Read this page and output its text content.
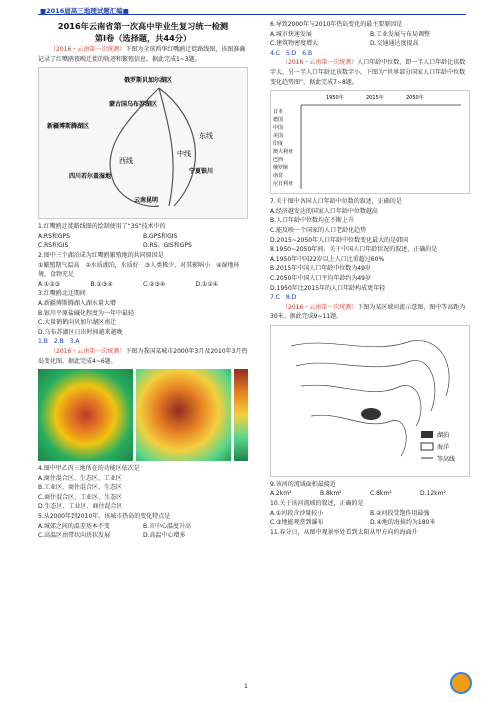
■2016届高三地理试题汇编■

2016年云南省第一次高中毕业生复习统一检测

第Ⅰ卷（选择题，共44分）

（2016・云南第一次统测）下图为全球西华红嘴鸥迁徙路线图，该图准确记录了红嘴鸥夜晚迁徙的轨迹和繁殖信息。据此完成1~3题。

俄罗斯贝加尔湖区
蒙古国乌布苏湖区
新疆博斯腾湖区
东线
中线
西线
宁夏银川
四川若尔盖湿地
云南昆明

1.红嘴鸥迁徙路线图的绘制使用了“3S”技术中的

A.RS和GPS	B.GPS和GIS
C.RS和GIS	D.RS、GIS和GPS

2.图中三个湖泊成为红嘴鸥繁殖地的共同原因是

①繁殖期气温高　②水质湖泊，水质好　③人类稀少，对其影响小　④湿地环境，食物充足

A.①②③	B.①③④	C.②③④	D.①②④

3.红嘴鸥北迁期间

A.新疆博斯腾湖入湖水量大增

B.银川平原盐碱化程度为一年中最轻

C.大量鹤鹤向贝加尔湖区南迁

D.乌布苏湖区日出时间越来越晚

1.B　2.B　3.A

（2016・云南第一次统测）下图为我国某城市2000年3月及2010年3月热岛变化图。据此完成4~6题。

4.图中甲乙丙三地所在的功能区依次是

A.商住混合区、生态区、工业区

B.工业区、商住混合区、生态区

C.商住混合区、工业区、生态区

D.生态区、工业区、商住混合区

5.从2000年到2010年，该城市热岛的变化特点是

A.城郊之间的温差基本不变	B.市中心温度升高
C.高温区由带状向块状发展	D.高温中心增多

6.导致2000年与2010年热岛变化的最主要原因是

A.城市快速发展	B.工业发展与布局调整
C.建筑物密度增大	D.交通通达度提高

4.C　5.D　6.B

（2016・云南第一次统测）人口年龄中位数，即一半人口年龄比该数字大，另一半人口年龄比该数字小。下图为“世界部分国家人口年龄中位数变化趋势图”，据此完成7~8题。

1950年	2015年	2050年
日本
德国
中国
美国
印度
澳大利亚
巴西
俄罗斯
南非
尼日利亚

7.关于图中各国人口年龄中位数的叙述，正确的是

A.经济越发达的国家人口年龄中位数越高

B.人口年龄中位数均在不断上升

C.能反映一个国家的人口老龄化趋势

D.2015~2050年人口年龄中位数变化最大的是韩国

8.1950~2050年间，关于中国人口年龄状况的叙述，正确的是

A.1950年中国22岁以上人口比重超过60%

B.2015年中国人口年龄中位数为49岁

C.2050年中国人口平均年龄约为49岁

D.1950年比2015年的人口年龄构成更年轻

7.C　8.D

（2016・云南第一次统测）下图为某区域河流示意图，图中等高距为30米。据此完成9~11题。

湖泊
海洋
等高线

9.该河的流域面积最接近

A.2km²	B.8km²	C.8km²	D.12km²

10.关于该河流域的叙述，正确的是

A.①河段含沙量较小	B.②河段受饱作用最强
C.③地能观赏到瀑布	D.④地的海拔约为180米

11.春分日，从图中观景亭处看到太阳从甲方向的海面升

1
